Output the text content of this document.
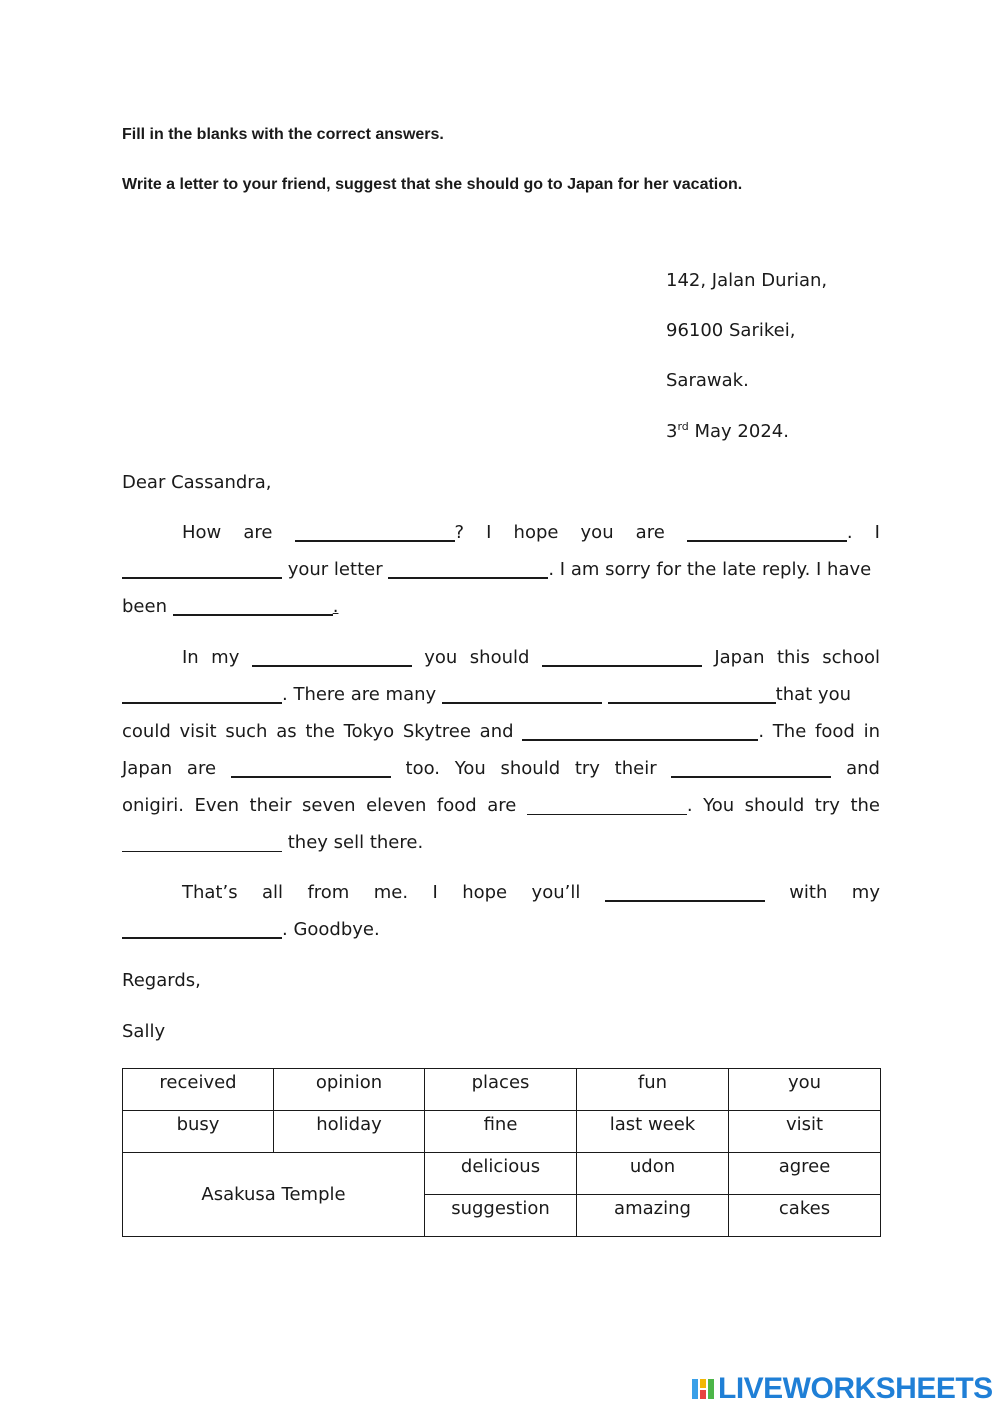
Fill in the blanks with the correct answers.

Write a letter to your friend, suggest that she should go to Japan for her vacation.

142, Jalan Durian,

96100 Sarikei,

Sarawak.

3rd May 2024.

Dear Cassandra,

How are	? I hope you are	. I

your letter	. I am sorry for the late reply. I have

been	.

In my	you should	Japan this school

. There are many	that you

could visit such as the Tokyo Skytree and	. The food in

Japan are	too. You should try their	and

onigiri. Even their seven eleven food are	. You should try the

they sell there.

That’s all from me. I hope you’ll	with my

. Goodbye.

Regards,

Sally

received	opinion	places	fun	you
busy	holiday	fine	last week	visit
Asakusa Temple		delicious	udon	agree
		suggestion	amazing	cakes
LIVEWORKSHEETS
